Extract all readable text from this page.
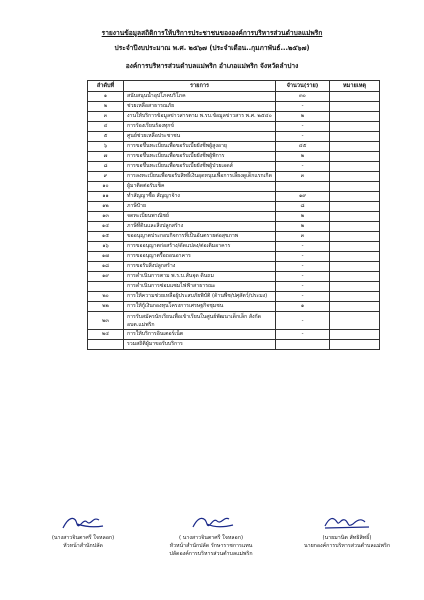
รายงานข้อมูลสถิติการให้บริการประชาชนขององค์การบริหารส่วนตำบลแม่พริก
ประจำปีงบประมาณ พ.ศ. ๒๕๖๗ (ประจำเดือน..กุมภาพันธ์...๒๕๖๗)
องค์การบริหารส่วนตำบลแม่พริก อำเภอแม่พริก จังหวัดลำปาง
ลำดับที่	รายการ	จำนวน(ราย)	หมายเหตุ
๑	สนับสนุนน้ำอุปโภคบริโภค	๓๐	
๒	ช่วยเหลือสาธารณภัย	-	
๓	งานให้บริการข้อมูลข่าวสารตาม พ.รบ.ข้อมูลข่าวสาร พ.ศ. ๒๕๔๐	๒	
๔	การร้องเรียนร้องทุกข์	-	
๕	ศูนย์ช่วยเหลือประชาชน	-	
๖	การขอขึ้นทะเบียนเพื่อขอรับเบี้ยยังชีพผู้สูงอายุ	๔๕	
๗	การขอขึ้นทะเบียนเพื่อขอรับเบี้ยยังชีพผู้พิการ	๒	
๘	การขอขึ้นทะเบียนเพื่อขอรับเบี้ยยังชีพผู้ป่วยเอดส์	-	
๙	การลงทะเบียนเพื่อขอรับสิทธิ์เงินอุดหนุนเพื่อการเลี้ยงดูเด็กแรกเกิด	๓	
๑๐	ผู้มาติดต่อรับเช็ค		
๑๑	ทำสัญญาซื้อ สัญญาจ้าง	๑๙	
๑๒	ภาษีป้าย	๘	
๑๓	จดทะเบียนพาณิชย์	๒	
๑๔	ภาษีที่ดินและสิ่งปลูกสร้าง	๒	
๑๕	ขออนุญาตประกอบกิจการที่เป็นอันตรายต่อสุขภาพ	๓	
๑๖	การขออนุญาตก่อสร้าง/ดัดแปลง/ต่อเติมอาคาร	-	
๑๗	การขออนุญาตรื้อถอนอาคาร	-	
๑๘	การขอรับสิ่งปลูกสร้าง	-	
๑๙	การดำเนินการตาม พ.ร.บ.สันจุด ดินถม	-	
	การดำเนินการซ่อมแซมไฟฟ้าสาธารณะ	-	
๒๐	การให้ความช่วยเหลือผู้ประสบภัยพิบัติ (ด้านพืช/ปศุสัตว์/ประมง)	-	
๒๒	การให้กู้เงินกองทุนโครงการเศรษฐกิจชุมชน	๑	
๒๓	การรับสมัครนักเรียนเพื่อเข้าเรียนในศูนย์พัฒนาเด็กเล็ก สังกัด อบต.แม่พริก	-	
๒๔	การให้บริการอินเตอร์เน็ต	-	
	รวมสถิติผู้มาขอรับบริการ		
(นางสาวจินตาศรี ใจหลอก)
หัวหน้าสำนักปลัด
( นางสาวจินตาศรี ใจหลอก)
หัวหน้าสำนักปลัด รักษาราชการแทน
ปลัดองค์การบริหารส่วนตำบลแม่พริก
(นายมานิต สัทธิสิทธิ์)
นายกองค์การบริหารส่วนตำบลแม่พริก
